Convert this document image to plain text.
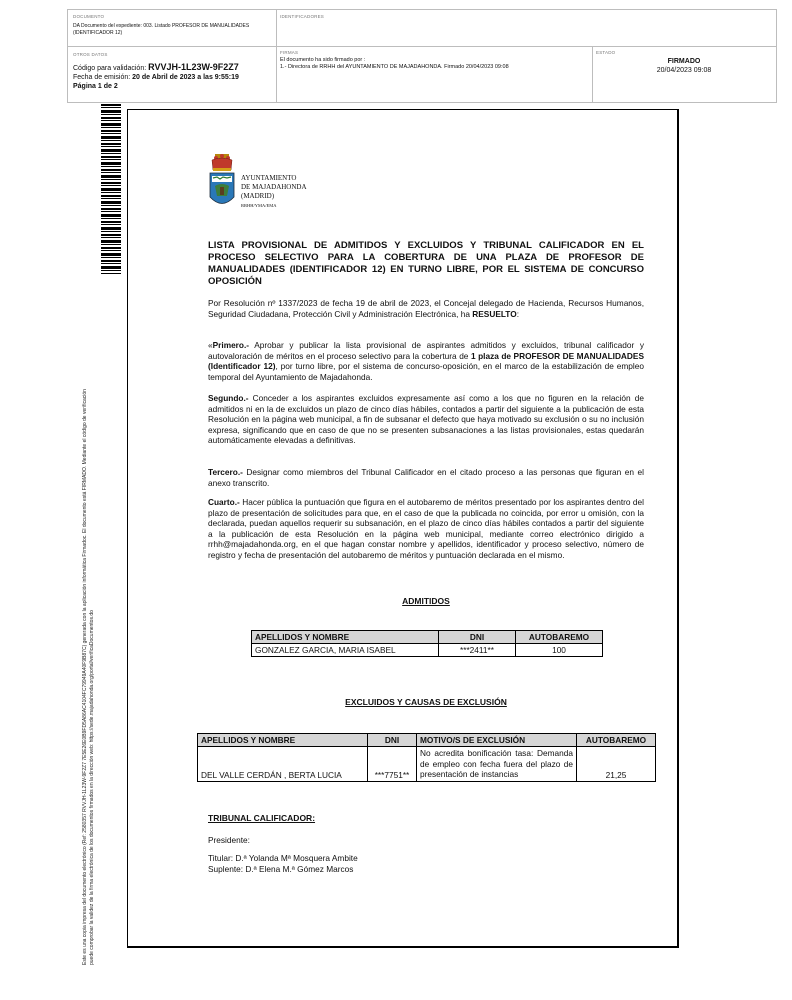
DOCUMENTO
DA Documento del expediente: 003. Listado PROFESOR DE MANUALIDADES (IDENTIFICADOR 12)
IDENTIFICADORES
OTROS DATOS
Código para validación: RVVJH-1L23W-9F2Z7
Fecha de emisión: 20 de Abril de 2023 a las 9:55:19
Página 1 de 2
FIRMAS
El documento ha sido firmado por :
1.- Directora de RRHH del AYUNTAMIENTO DE MAJADAHONDA. Firmado 20/04/2023 09:08
ESTADO
FIRMADO
20/04/2023 09:08
Este es una copia impresa del documento electrónico (Ref: 2580357 RVVJH-1L23W-9F2Z7 7E5E26E0B9FD5A86AC4104FC79949A40F9B87C) generada con la aplicación informática Firmadoc. El documento está FIRMADO. Mediante el código de verificación puede comprobar la validez de la firma electrónica de los documentos firmados en la dirección web: https://sede.majadahonda.org/portal/verificaDocumentos.do
AYUNTAMIENTO
DE MAJADAHONDA
(MADRID)
RRHH/YMA/EMA
LISTA PROVISIONAL DE ADMITIDOS Y EXCLUIDOS Y TRIBUNAL CALIFICADOR EN EL PROCESO SELECTIVO PARA LA COBERTURA DE UNA PLAZA DE PROFESOR DE MANUALIDADES (IDENTIFICADOR 12) EN TURNO LIBRE, POR EL SISTEMA DE CONCURSO OPOSICIÓN
Por Resolución nº 1337/2023 de fecha 19 de abril de 2023, el Concejal delegado de Hacienda, Recursos Humanos, Seguridad Ciudadana, Protección Civil y Administración Electrónica, ha RESUELTO:
«Primero.- Aprobar y publicar la lista provisional de aspirantes admitidos y excluidos, tribunal calificador y autovaloración de méritos en el proceso selectivo para la cobertura de 1 plaza de PROFESOR DE MANUALIDADES (Identificador 12), por turno libre, por el sistema de concurso-oposición, en el marco de la estabilización de empleo temporal del Ayuntamiento de Majadahonda.
Segundo.- Conceder a los aspirantes excluidos expresamente así como a los que no figuren en la relación de admitidos ni en la de excluidos un plazo de cinco días hábiles, contados a partir del siguiente a la publicación de esta Resolución en la página web municipal, a fin de subsanar el defecto que haya motivado su exclusión o su no inclusión expresa, significando que en caso de que no se presenten subsanaciones a las listas provisionales, estas quedarán automáticamente elevadas a definitivas.
Tercero.- Designar como miembros del Tribunal Calificador en el citado proceso a las personas que figuran en el anexo transcrito.
Cuarto.- Hacer pública la puntuación que figura en el autobaremo de méritos presentado por los aspirantes dentro del plazo de presentación de solicitudes para que, en el caso de que la publicada no coincida, por error u omisión, con la declarada, puedan aquellos requerir su subsanación, en el plazo de cinco días hábiles contados a partir del siguiente a la publicación de esta Resolución en la página web municipal, mediante correo electrónico dirigido a rrhh@majadahonda.org, en el que hagan constar nombre y apellidos, identificador y proceso selectivo, número de registro y fecha de presentación del autobaremo de méritos y puntuación declarada en el mismo.
ADMITIDOS
APELLIDOS Y NOMBRE	DNI	AUTOBAREMO
GONZALEZ GARCIA, MARIA ISABEL	***2411**	100
EXCLUIDOS Y CAUSAS DE EXCLUSIÓN
APELLIDOS Y NOMBRE	DNI	MOTIVO/S DE EXCLUSIÓN	AUTOBAREMO
DEL VALLE CERDÁN , BERTA LUCIA	***7751**	No acredita bonificación tasa: Demanda de empleo con fecha fuera del plazo de presentación de instancias	21,25
TRIBUNAL CALIFICADOR:
Presidente:
Titular: D.ª Yolanda Mª Mosquera Ambite
Suplente: D.ª Elena M.ª Gómez Marcos
